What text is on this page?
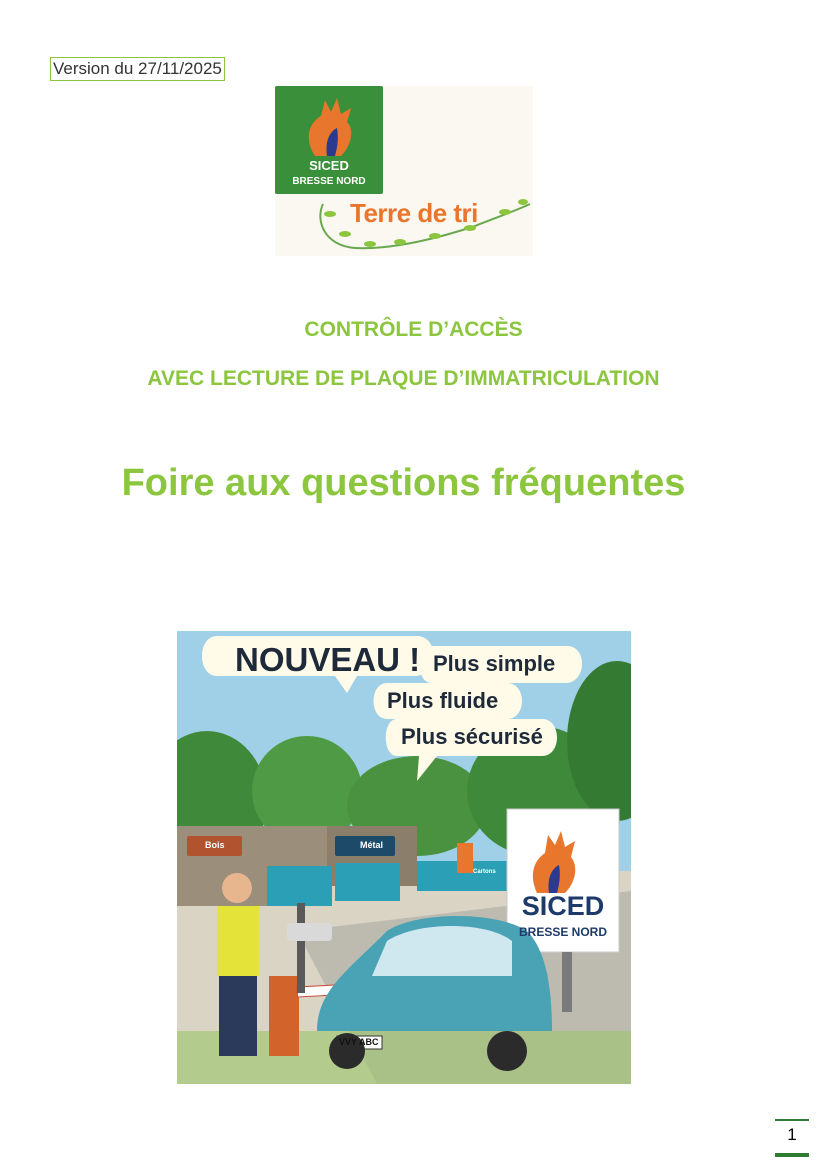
Version du 27/11/2025
SICED
BRESSE NORD
Terre de tri
CONTRÔLE D’ACCÈS
AVEC LECTURE DE PLAQUE D’IMMATRICULATION
Foire aux questions fréquentes
NOUVEAU ! Plus simple
Plus fluide
Plus sécurisé
Bois	Métal
Cartons
SICED
BRESSE NORD
VVY ABC
1
